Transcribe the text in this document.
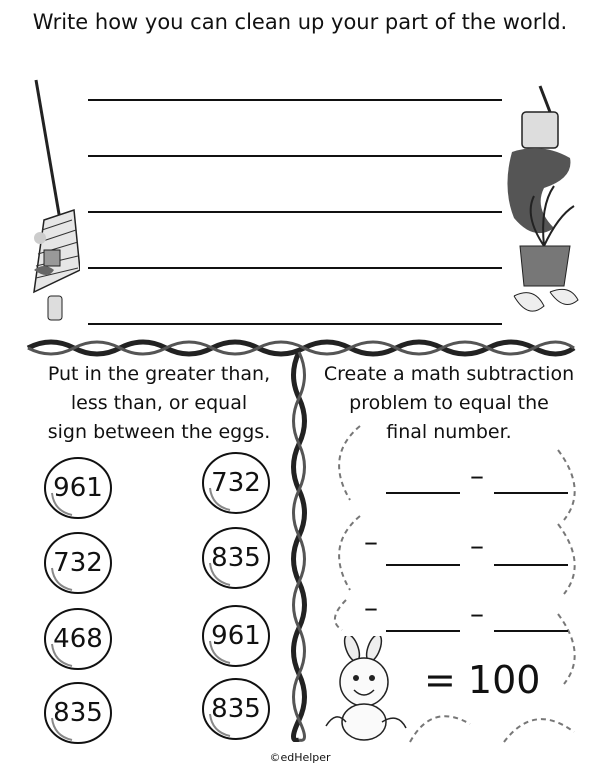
Write how you can clean up your part of the world.
Put in the greater than,
less than, or equal
sign between the eggs.
961	732
732	835
468	961
835	835
Create a math subtraction
problem to equal the
final number.
–
–	–
–	–
= 100
©edHelper
